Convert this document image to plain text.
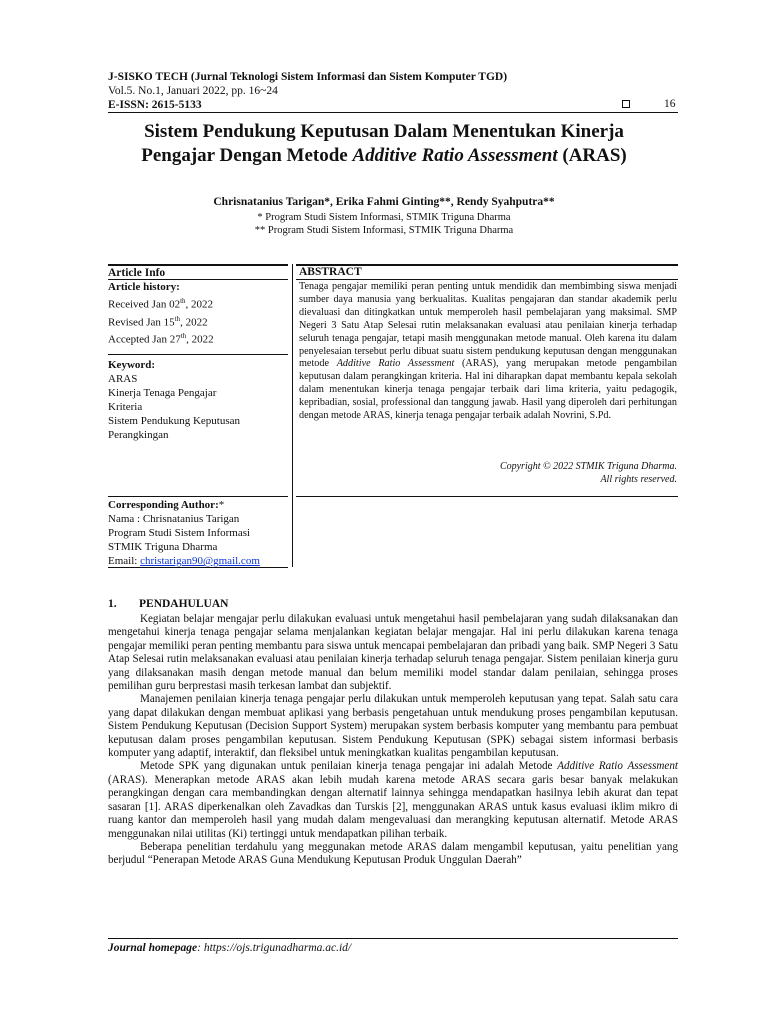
J-SISKO TECH (Jurnal Teknologi Sistem Informasi dan Sistem Komputer TGD)
Vol.5. No.1, Januari 2022, pp. 16~24
E-ISSN: 2615-5133	16
Sistem Pendukung Keputusan Dalam Menentukan Kinerja
Pengajar Dengan Metode Additive Ratio Assessment (ARAS)
Chrisnatanius Tarigan*, Erika Fahmi Ginting**, Rendy Syahputra**
* Program Studi Sistem Informasi, STMIK Triguna Dharma
** Program Studi Sistem Informasi, STMIK Triguna Dharma
Article Info
Article history:
Received Jan 02th, 2022
Revised Jan 15th, 2022
Accepted Jan 27th, 2022
Keyword:
ARAS
Kinerja Tenaga Pengajar
Kriteria
Sistem Pendukung Keputusan
Perangkingan
ABSTRACT
Tenaga pengajar memiliki peran penting untuk mendidik dan membimbing siswa menjadi sumber daya manusia yang berkualitas. Kualitas pengajaran dan standar akademik perlu dievaluasi dan ditingkatkan untuk memperoleh hasil pembelajaran yang maksimal. SMP Negeri 3 Satu Atap Selesai rutin melaksanakan evaluasi atau penilaian kinerja terhadap seluruh tenaga pengajar, tetapi masih menggunakan metode manual. Oleh karena itu dalam penyelesaian tersebut perlu dibuat suatu sistem pendukung keputusan dengan menggunakan metode Additive Ratio Assessment (ARAS), yang merupakan metode pengambilan keputusan dalam perangkingan kriteria. Hal ini diharapkan dapat membantu kepala sekolah dalam menentukan kinerja tenaga pengajar terbaik dari lima kriteria, yaitu pedagogik, kepribadian, sosial, professional dan tanggung jawab. Hasil yang diperoleh dari perhitungan dengan metode ARAS, kinerja tenaga pengajar terbaik adalah Novrini, S.Pd.
Copyright © 2022 STMIK Triguna Dharma.
All rights reserved.
Corresponding Author:*
Nama : Chrisnatanius Tarigan
Program Studi Sistem Informasi
STMIK Triguna Dharma
Email: christarigan90@gmail.com
1. PENDAHULUAN

Kegiatan belajar mengajar perlu dilakukan evaluasi untuk mengetahui hasil pembelajaran yang sudah dilaksanakan dan mengetahui kinerja tenaga pengajar selama menjalankan kegiatan belajar mengajar. Hal ini perlu dilakukan karena tenaga pengajar memiliki peran penting membantu para siswa untuk mencapai pembelajaran dan pribadi yang baik. SMP Negeri 3 Satu Atap Selesai rutin melaksanakan evaluasi atau penilaian kinerja terhadap seluruh tenaga pengajar. Sistem penilaian kinerja guru yang dilaksanakan masih dengan metode manual dan belum memiliki model standar dalam penilaian, sehingga proses pemilihan guru berprestasi masih terkesan lambat dan subjektif.

Manajemen penilaian kinerja tenaga pengajar perlu dilakukan untuk memperoleh keputusan yang tepat. Salah satu cara yang dapat dilakukan dengan membuat aplikasi yang berbasis pengetahuan untuk mendukung proses pengambilan keputusan. Sistem Pendukung Keputusan (Decision Support System) merupakan system berbasis komputer yang membantu para pembuat keputusan dalam proses pengambilan keputusan. Sistem Pendukung Keputusan (SPK) sebagai sistem informasi berbasis komputer yang adaptif, interaktif, dan fleksibel untuk meningkatkan kualitas pengambilan keputusan.

Metode SPK yang digunakan untuk penilaian kinerja tenaga pengajar ini adalah Metode Additive Ratio Assessment (ARAS). Menerapkan metode ARAS akan lebih mudah karena metode ARAS secara garis besar banyak melakukan perangkingan dengan cara membandingkan dengan alternatif lainnya sehingga mendapatkan hasilnya lebih akurat dan tepat sasaran [1]. ARAS diperkenalkan oleh Zavadkas dan Turskis [2], menggunakan ARAS untuk kasus evaluasi iklim mikro di ruang kantor dan memperoleh hasil yang mudah dalam mengevaluasi dan merangking keputusan alternatif. Metode ARAS menggunakan nilai utilitas (Ki) tertinggi untuk mendapatkan pilihan terbaik.

Beberapa penelitian terdahulu yang meggunakan metode ARAS dalam mengambil keputusan, yaitu penelitian yang berjudul “Penerapan Metode ARAS Guna Mendukung Keputusan Produk Unggulan Daerah”

Journal homepage: https://ojs.trigunadharma.ac.id/
